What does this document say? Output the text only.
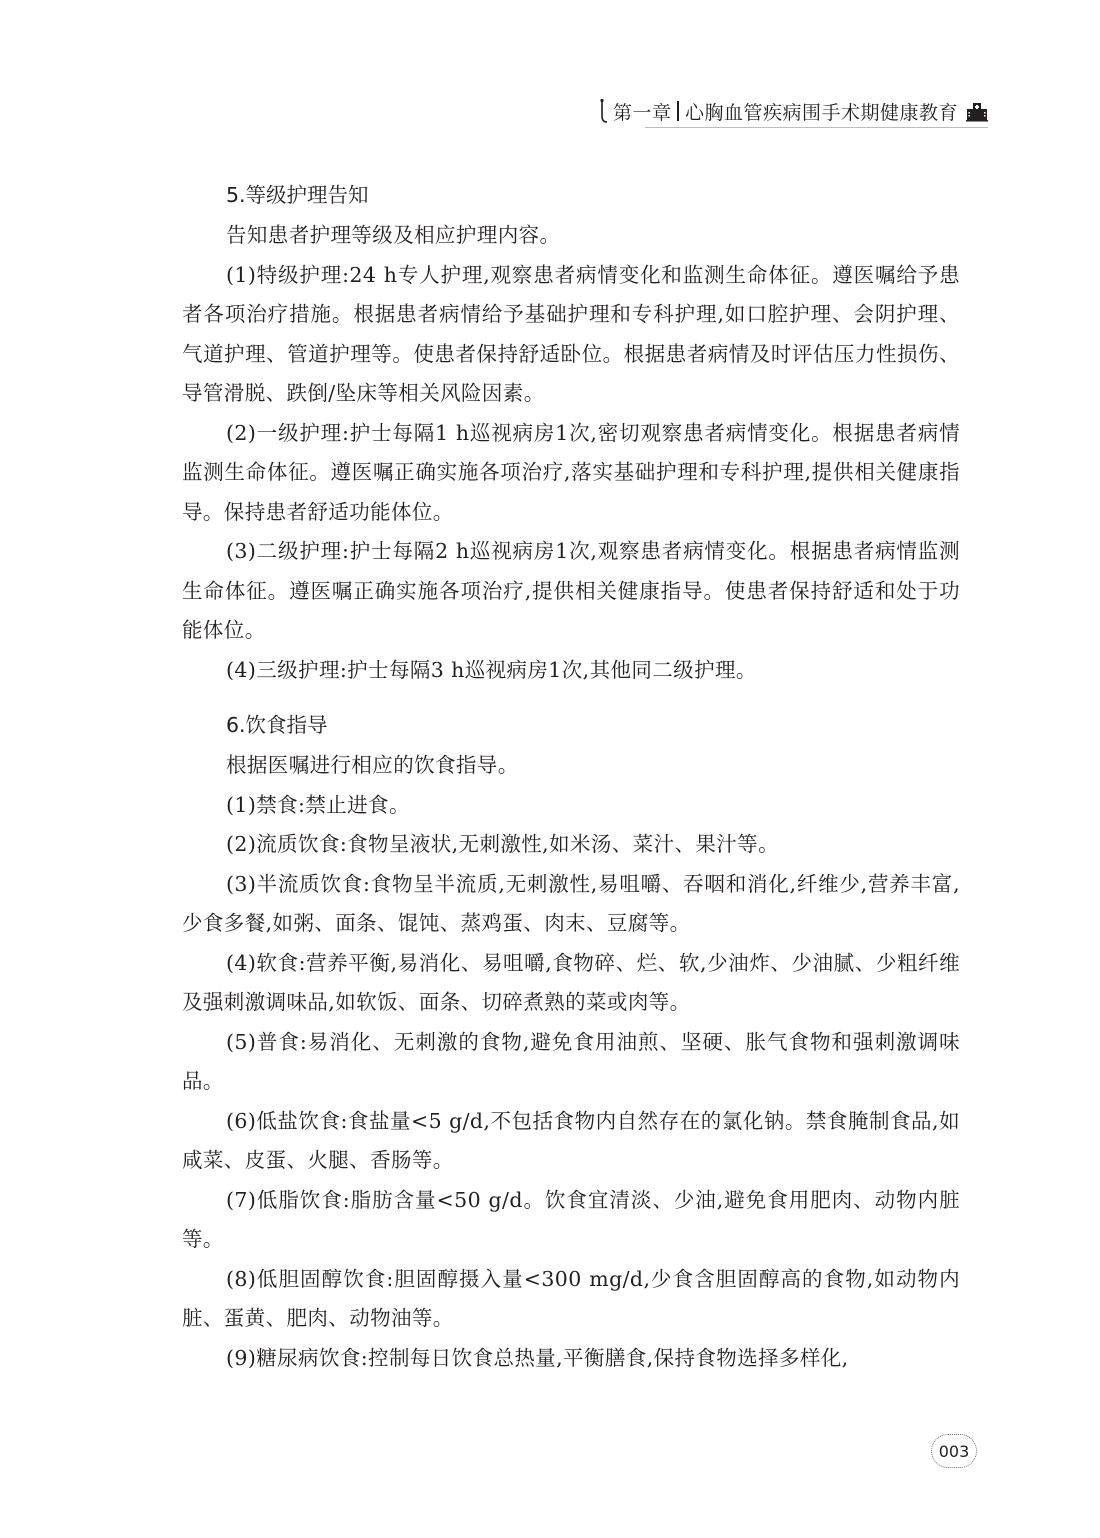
第一章 心胸血管疾病围手术期健康教育
5.等级护理告知

告知患者护理等级及相应护理内容。

(1)特级护理:24 h专人护理,观察患者病情变化和监测生命体征。遵医嘱给予患者各项治疗措施。根据患者病情给予基础护理和专科护理,如口腔护理、会阴护理、气道护理、管道护理等。使患者保持舒适卧位。根据患者病情及时评估压力性损伤、导管滑脱、跌倒/坠床等相关风险因素。

(2)一级护理:护士每隔1 h巡视病房1次,密切观察患者病情变化。根据患者病情监测生命体征。遵医嘱正确实施各项治疗,落实基础护理和专科护理,提供相关健康指导。保持患者舒适功能体位。

(3)二级护理:护士每隔2 h巡视病房1次,观察患者病情变化。根据患者病情监测生命体征。遵医嘱正确实施各项治疗,提供相关健康指导。使患者保持舒适和处于功能体位。

(4)三级护理:护士每隔3 h巡视病房1次,其他同二级护理。

6.饮食指导

根据医嘱进行相应的饮食指导。

(1)禁食:禁止进食。

(2)流质饮食:食物呈液状,无刺激性,如米汤、菜汁、果汁等。

(3)半流质饮食:食物呈半流质,无刺激性,易咀嚼、吞咽和消化,纤维少,营养丰富,少食多餐,如粥、面条、馄饨、蒸鸡蛋、肉末、豆腐等。

(4)软食:营养平衡,易消化、易咀嚼,食物碎、烂、软,少油炸、少油腻、少粗纤维及强刺激调味品,如软饭、面条、切碎煮熟的菜或肉等。

(5)普食:易消化、无刺激的食物,避免食用油煎、坚硬、胀气食物和强刺激调味品。

(6)低盐饮食:食盐量<5 g/d,不包括食物内自然存在的氯化钠。禁食腌制食品,如咸菜、皮蛋、火腿、香肠等。

(7)低脂饮食:脂肪含量<50 g/d。饮食宜清淡、少油,避免食用肥肉、动物内脏等。

(8)低胆固醇饮食:胆固醇摄入量<300 mg/d,少食含胆固醇高的食物,如动物内脏、蛋黄、肥肉、动物油等。

(9)糖尿病饮食:控制每日饮食总热量,平衡膳食,保持食物选择多样化,

003
